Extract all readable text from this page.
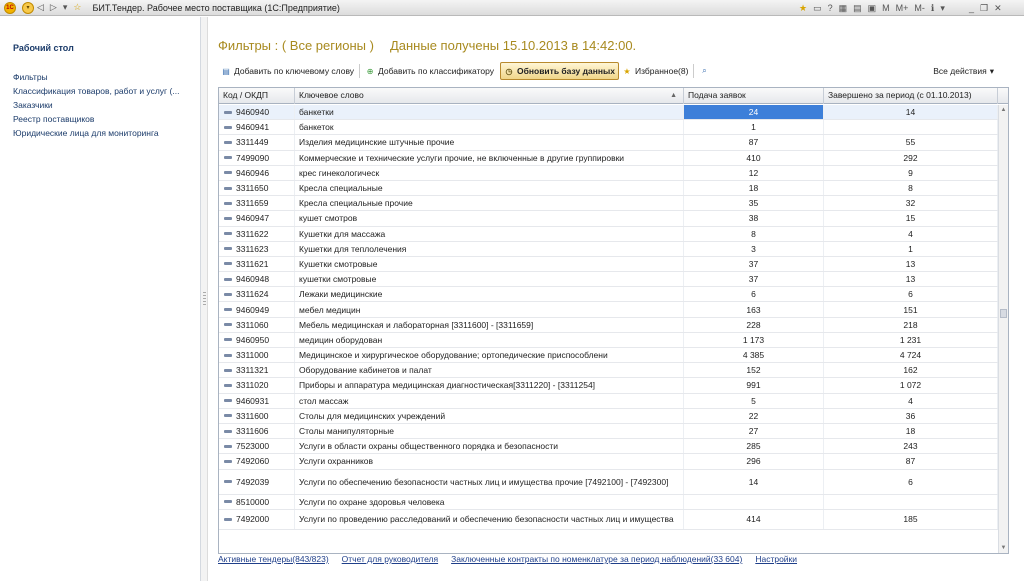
1C	▾ ◁ ▷ ▾ ☆	БИТ.Тендер. Рабочее место поставщика (1С:Предприятие)	★ ▭ ? ▦ ▤ ▣ M M+ M- ℹ ▾	_ ❐ ✕
Рабочий стол
Фильтры
Классификация товаров, работ и услуг (...
Заказчики
Реестр поставщиков
Юридические лица для мониторинга
Фильтры : ( Все регионы ) Данные получены 15.10.2013 в 14:42:00.
▤ Добавить по ключевому слову ⊕ Добавить по классификатору ◷ Обновить базу данных ★ Избранное(8)	⌕	Все действия ▾
Код / ОКДП	Ключевое слово	▲	Подача заявок	Завершено за период (с 01.10.2013)
9460940	банкетки	24	14
9460941	банкеток	1
3311449	Изделия медицинские штучные прочие	87	55
7499090	Коммерческие и технические услуги прочие, не включенные в другие группировки	410	292
9460946	крес гинекологическ	12	9
3311650	Кресла специальные	18	8
3311659	Кресла специальные прочие	35	32
9460947	кушет смотров	38	15
3311622	Кушетки для массажа	8	4
3311623	Кушетки для теплолечения	3	1
3311621	Кушетки смотровые	37	13
9460948	кушетки смотровые	37	13
3311624	Лежаки медицинские	6	6
9460949	мебел медицин	163	151
3311060	Мебель медицинская и лабораторная [3311600] - [3311659]	228	218
9460950	медицин оборудован	1 173	1 231
3311000	Медицинское и хирургическое оборудование; ортопедические приспособлени	4 385	4 724
3311321	Оборудование кабинетов и палат	152	162
3311020	Приборы и аппаратура медицинская диагностическая[3311220] - [3311254]	991	1 072
9460931	стол массаж	5	4
3311600	Столы для медицинских учреждений	22	36
3311606	Столы манипуляторные	27	18
7523000	Услуги в области охраны общественного порядка и безопасности	285	243
7492060	Услуги охранников	296	87
7492039	Услуги по обеспечению безопасности частных лиц и имущества прочие [7492100] - [7492300]	14	6
8510000	Услуги по охране здоровья человека
7492000	Услуги по проведению расследований и обеспечению безопасности частных лиц и имущества	414	185
▲
▼
Активные тендеры(843/823) Отчет для руководителя Заключенные контракты по номенклатуре за период наблюдений(33 604) Настройки
